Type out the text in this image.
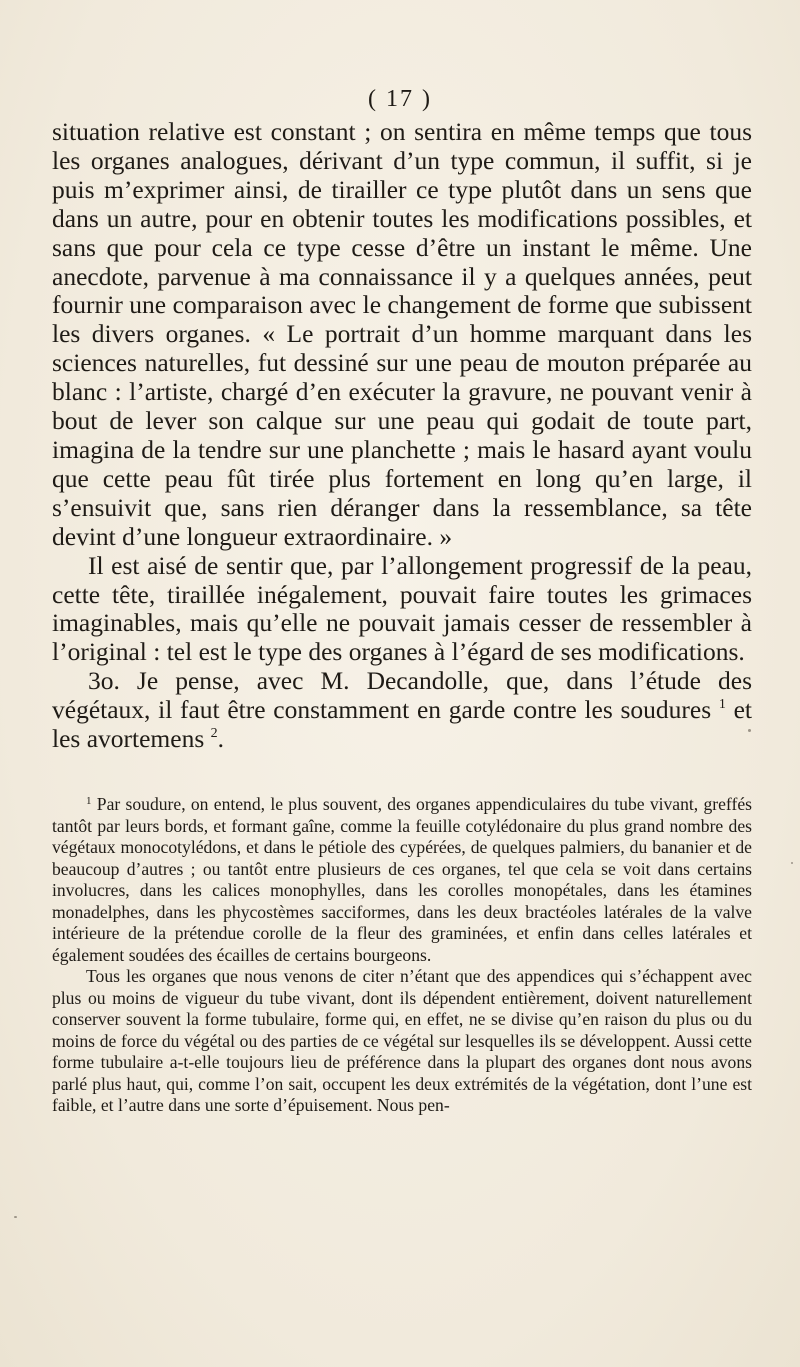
( 17 )

situation relative est constant ; on sentira en même temps que tous les organes analogues, dérivant d’un type commun, il suffit, si je puis m’exprimer ainsi, de tirailler ce type plutôt dans un sens que dans un autre, pour en obtenir toutes les modifications possibles, et sans que pour cela ce type cesse d’être un instant le même. Une anecdote, parvenue à ma connaissance il y a quelques années, peut fournir une comparaison avec le changement de forme que subissent les divers organes. « Le portrait d’un homme marquant dans les sciences naturelles, fut dessiné sur une peau de mouton préparée au blanc : l’artiste, chargé d’en exécuter la gravure, ne pouvant venir à bout de lever son calque sur une peau qui godait de toute part, imagina de la tendre sur une planchette ; mais le hasard ayant voulu que cette peau fût tirée plus fortement en long qu’en large, il s’ensuivit que, sans rien déranger dans la ressemblance, sa tête devint d’une longueur extraordinaire. »

Il est aisé de sentir que, par l’allongement progressif de la peau, cette tête, tiraillée inégalement, pouvait faire toutes les grimaces imaginables, mais qu’elle ne pouvait jamais cesser de ressembler à l’original : tel est le type des organes à l’égard de ses modifications.

3o. Je pense, avec M. Decandolle, que, dans l’étude des végétaux, il faut être constamment en garde contre les soudures $^1$ et les avortemens $^2$.

$^1$ Par soudure, on entend, le plus souvent, des organes appendiculaires du tube vivant, greffés tantôt par leurs bords, et formant gaîne, comme la feuille cotylédonaire du plus grand nombre des végétaux monocotylédons, et dans le pétiole des cypérées, de quelques palmiers, du bananier et de beaucoup d’autres ; ou tantôt entre plusieurs de ces organes, tel que cela se voit dans certains involucres, dans les calices monophylles, dans les corolles monopétales, dans les étamines monadelphes, dans les phycostèmes sacciformes, dans les deux bractéoles latérales de la valve intérieure de la prétendue corolle de la fleur des graminées, et enfin dans celles latérales et également soudées des écailles de certains bourgeons.

Tous les organes que nous venons de citer n’étant que des appendices qui s’échappent avec plus ou moins de vigueur du tube vivant, dont ils dépendent entièrement, doivent naturellement conserver souvent la forme tubulaire, forme qui, en effet, ne se divise qu’en raison du plus ou du moins de force du végétal ou des parties de ce végétal sur lesquelles ils se développent. Aussi cette forme tubulaire a-t-elle toujours lieu de préférence dans la plupart des organes dont nous avons parlé plus haut, qui, comme l’on sait, occupent les deux extrémités de la végétation, dont l’une est faible, et l’autre dans une sorte d’épuisement. Nous pen-
